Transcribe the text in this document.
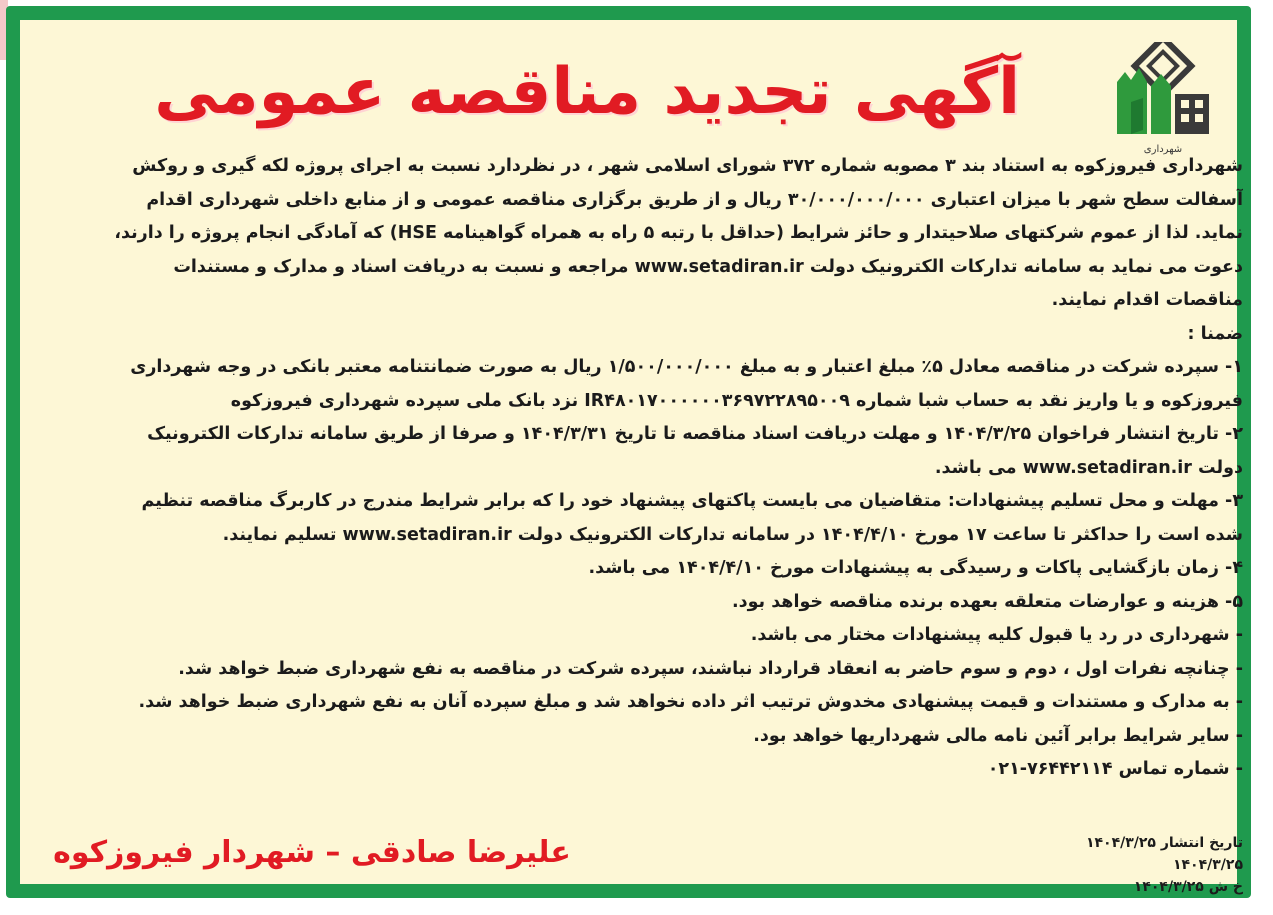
شهرداری
آگهی تجدید مناقصه عمومی
شهرداری فیروزکوه به استناد بند ۳ مصوبه شماره ۳۷۲ شورای اسلامی شهر ، در نظردارد نسبت به اجرای پروژه لکه گیری و روکش
آسفالت سطح شهر با میزان اعتباری ۳۰/۰۰۰/۰۰۰/۰۰۰ ریال و از طریق برگزاری مناقصه عمومی و از منابع داخلی شهرداری اقدام
نماید. لذا از عموم شرکتهای صلاحیتدار و حائز شرایط (حداقل با رتبه ۵ راه به همراه گواهینامه HSE) که آمادگی انجام پروژه را دارند،
دعوت می نماید به سامانه تدارکات الکترونیک دولت www.setadiran.ir مراجعه و نسبت به دریافت اسناد و مدارک و مستندات
مناقصات اقدام نمایند.
ضمنا :
۱- سپرده شرکت در مناقصه معادل ۵٪ مبلغ اعتبار و به مبلغ ۱/۵۰۰/۰۰۰/۰۰۰ ریال به صورت ضمانتنامه معتبر بانکی در وجه شهرداری
فیروزکوه و یا واریز نقد به حساب شبا شماره IR۴۸۰۱۷۰۰۰۰۰۰۳۶۹۷۲۲۸۹۵۰۰۹ نزد بانک ملی سپرده شهرداری فیروزکوه
۲- تاریخ انتشار فراخوان ۱۴۰۴/۳/۲۵ و مهلت دریافت اسناد مناقصه تا تاریخ ۱۴۰۴/۳/۳۱ و صرفا از طریق سامانه تدارکات الکترونیک
دولت www.setadiran.ir می باشد.
۳- مهلت و محل تسلیم پیشنهادات: متقاضیان می بایست پاکتهای پیشنهاد خود را که برابر شرایط مندرج در کاربرگ مناقصه تنظیم
شده است را حداکثر تا ساعت ۱۷ مورخ ۱۴۰۴/۴/۱۰ در سامانه تدارکات الکترونیک دولت www.setadiran.ir تسلیم نمایند.
۴- زمان بازگشایی پاکات و رسیدگی به پیشنهادات مورخ ۱۴۰۴/۴/۱۰ می باشد.
۵- هزینه و عوارضات متعلقه بعهده برنده مناقصه خواهد بود.
- شهرداری در رد یا قبول کلیه پیشنهادات مختار می باشد.
- چنانچه نفرات اول ، دوم و سوم حاضر به انعقاد قرارداد نباشند، سپرده شرکت در مناقصه به نفع شهرداری ضبط خواهد شد.
- به مدارک و مستندات و قیمت پیشنهادی مخدوش ترتیب اثر داده نخواهد شد و مبلغ سپرده آنان به نفع شهرداری ضبط خواهد شد.
- سایر شرایط برابر آئین نامه مالی شهرداریها خواهد بود.
- شماره تماس ۷۶۴۴۲۱۱۴-۰۲۱
تاریخ انتشار ۱۴۰۴/۳/۲۵
۱۴۰۴/۳/۲۵
خ ش ۱۴۰۴/۳/۲۵
علیرضا صادقی – شهردار فیروزکوه
